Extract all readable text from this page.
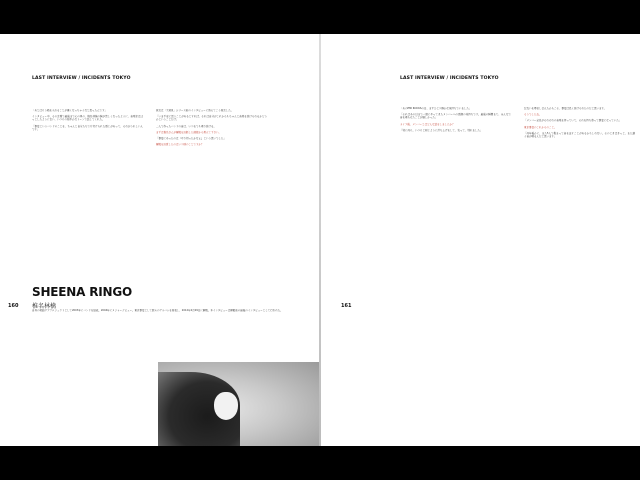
LAST INTERVIEW / INCIDENTS TOKYO

「あとはもう箱を入れることが嫌くなっちゃうなと思ったんです」

インタビュー中、その言葉で最後まで心の奥の、椎名林檎の胸が苦しくなったように、音楽家はほっとしたように言い、いつもの穏やかなトーンで話してくれた。

「事変というバンドのことを、ちゃんと自分たちで片付けられた感じがあって、それがうれしいんです」

彼女は「大発見」シリーズ前のインタビューに答えてこう発言した。

「いま不安に思うことがあるとすれば、それは自分がこれからもちゃんと音楽を続けられるかどうかということだけ」

二人で作ったバンドの音は、いつまでも鳴り続ける。

まずは椎名さんが解散を決断した経緯から教えて下さい。

「事変にあったのは『やり切ったかなぁ』という思いでした」

解散を決意したのはいつ頃のことですか？

SHEENA RINGO
椎名林檎
160

自身の楽曲サブプロジェクトとして2003年にバンドを結成。2004年にメジャーデビュー。東京事変として数々のアルバムを発表し、2012年2月29日に解散。本インタビューは解散前の最後のインタビューとして行われた。

LAST INTERVIEW / INCIDENTS TOKYO

「あのEMI ROCKSの日、まずひとつ静かな気持ちでいました」

「それはあの日まで一緒にやってきたメンバーへの感謝の気持ちです。最後の瞬間まで、みんなで音を鳴らせたことが嬉しかった」

ライブ後、メンバーとはどんな話をしましたか？

「特に何も。いつもと同じように打ち上げをして、笑って、別れました」

お互いを尊重し合えたからこそ、事変は長く続けられたのだと思います。

そうでしたね。

「メンバー全員がそれぞれの音楽を持っていて、それを持ち寄って事変になっていた」

東京事変のこれからのこと。

「何年後かに、また5人で集まって音を出すことがあるかもしれない。そのときはきっと、また違う音が鳴るんだと思います」

161
